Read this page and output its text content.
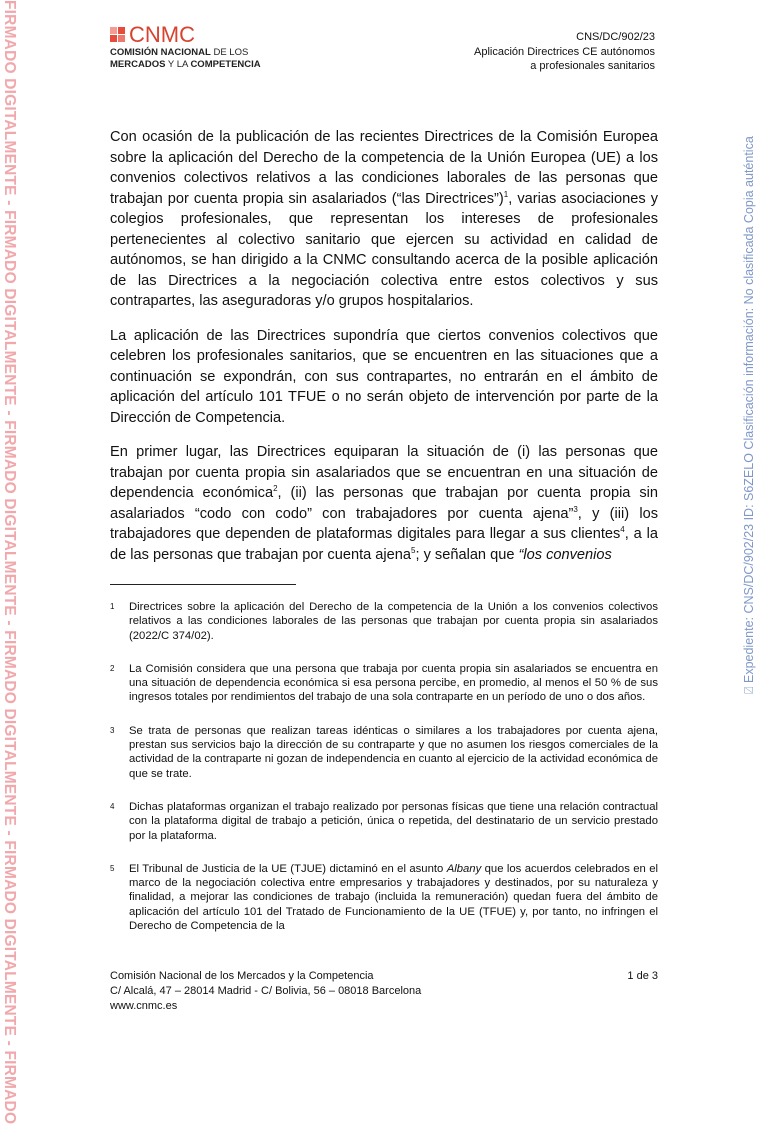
FIRMADO DIGITALMENTE - FIRMADO DIGITALMENTE - FIRMADO DIGITALMENTE - FIRMADO DIGITALMENTE - FIRMADO DIGITALMENTE - FIRMADO	⍁ Expediente: CNS/DC/902/23 ID: S6ZELO Clasificación información: No clasificada Copia auténtica
CNMC
COMISIÓN NACIONAL DE LOS
MERCADOS Y LA COMPETENCIA
CNS/DC/902/23
Aplicación Directrices CE autónomos
a profesionales sanitarios

Con ocasión de la publicación de las recientes Directrices de la Comisión Europea sobre la aplicación del Derecho de la competencia de la Unión Europea (UE) a los convenios colectivos relativos a las condiciones laborales de las personas que trabajan por cuenta propia sin asalariados (“las Directrices”)$^1$, varias asociaciones y colegios profesionales, que representan los intereses de profesionales pertenecientes al colectivo sanitario que ejercen su actividad en calidad de autónomos, se han dirigido a la CNMC consultando acerca de la posible aplicación de las Directrices a la negociación colectiva entre estos colectivos y sus contrapartes, las aseguradoras y/o grupos hospitalarios.

La aplicación de las Directrices supondría que ciertos convenios colectivos que celebren los profesionales sanitarios, que se encuentren en las situaciones que a continuación se expondrán, con sus contrapartes, no entrarán en el ámbito de aplicación del artículo 101 TFUE o no serán objeto de intervención por parte de la Dirección de Competencia.

En primer lugar, las Directrices equiparan la situación de (i) las personas que trabajan por cuenta propia sin asalariados que se encuentran en una situación de dependencia económica$^2$, (ii) las personas que trabajan por cuenta propia sin asalariados “codo con codo” con trabajadores por cuenta ajena”$^3$, y (iii) los trabajadores que dependen de plataformas digitales para llegar a sus clientes$^4$, a la de las personas que trabajan por cuenta ajena$^5$; y señalan que “los convenios

1 Directrices sobre la aplicación del Derecho de la competencia de la Unión a los convenios colectivos relativos a las condiciones laborales de las personas que trabajan por cuenta propia sin asalariados (2022/C 374/02).
2 La Comisión considera que una persona que trabaja por cuenta propia sin asalariados se encuentra en una situación de dependencia económica si esa persona percibe, en promedio, al menos el 50 % de sus ingresos totales por rendimientos del trabajo de una sola contraparte en un período de uno o dos años.
3 Se trata de personas que realizan tareas idénticas o similares a los trabajadores por cuenta ajena, prestan sus servicios bajo la dirección de su contraparte y que no asumen los riesgos comerciales de la actividad de la contraparte ni gozan de independencia en cuanto al ejercicio de la actividad económica de que se trate.
4 Dichas plataformas organizan el trabajo realizado por personas físicas que tiene una relación contractual con la plataforma digital de trabajo a petición, única o repetida, del destinatario de un servicio prestado por la plataforma.
5 El Tribunal de Justicia de la UE (TJUE) dictaminó en el asunto Albany que los acuerdos celebrados en el marco de la negociación colectiva entre empresarios y trabajadores y destinados, por su naturaleza y finalidad, a mejorar las condiciones de trabajo (incluida la remuneración) quedan fuera del ámbito de aplicación del artículo 101 del Tratado de Funcionamiento de la UE (TFUE) y, por tanto, no infringen el Derecho de Competencia de la
Comisión Nacional de los Mercados y la Competencia
C/ Alcalá, 47 – 28014 Madrid - C/ Bolivia, 56 – 08018 Barcelona
www.cnmc.es
1 de 3
